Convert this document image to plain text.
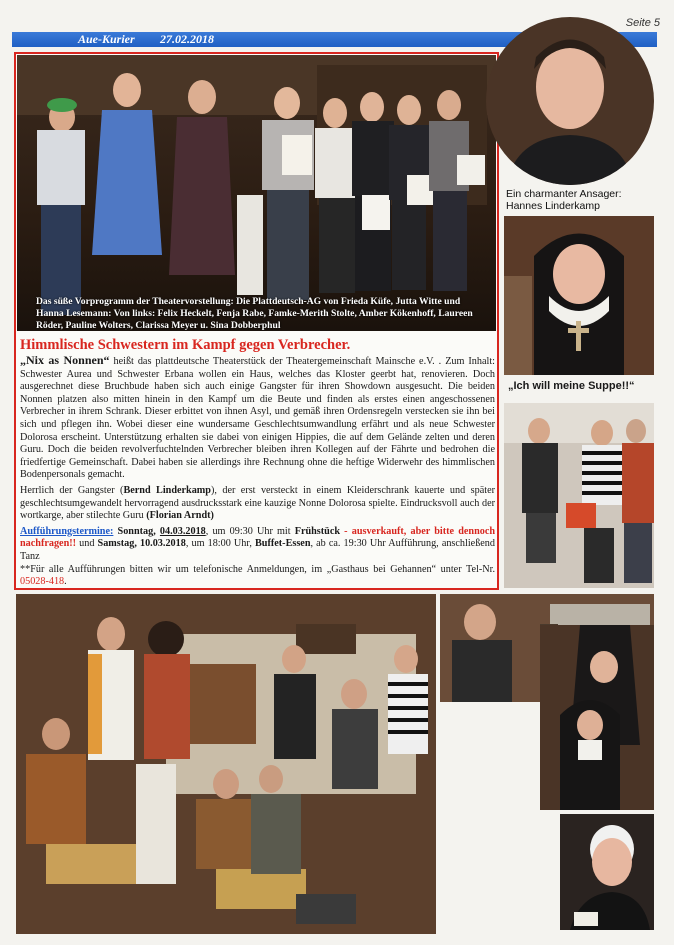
Seite 5
Aue-Kurier 27.02.2018
Das süße Vorprogramm der Theatervorstellung: Die Plattdeutsch-AG von Frieda Küfe, Jutta Witte und Hanna Lesemann: Von links: Felix Heckelt, Fenja Rabe, Famke-Merith Stolte, Amber Kökenhoff, Laureen Röder, Pauline Wolters, Clarissa Meyer u. Sina Dobberphul
Ein charmanter Ansager:
Hannes Linderkamp
„Ich will meine Suppe!!“
Himmlische Schwestern im Kampf gegen Verbrecher.

„Nix as Nonnen“ heißt das plattdeutsche Theaterstück der Theatergemeinschaft Mainsche e.V. . Zum Inhalt: Schwester Aurea und Schwester Erbana wollen ein Haus, welches das Kloster geerbt hat, renovieren. Doch ausgerechnet diese Bruchbude haben sich auch einige Gangster für ihren Showdown ausgesucht. Die beiden Nonnen platzen also mitten hinein in den Kampf um die Beute und finden als erstes einen angeschossenen Verbrecher in ihrem Schrank. Dieser erbittet von ihnen Asyl, und gemäß ihren Ordensregeln verstecken sie ihn bei sich und pflegen ihn. Wobei dieser eine wundersame Geschlechtsumwandlung erfährt und als neue Schwester Dolorosa erscheint. Unterstützung erhalten sie dabei von einigen Hippies, die auf dem Gelände zelten und deren Guru. Doch die beiden revolverfuchtelnden Verbrecher bleiben ihren Kollegen auf der Fährte und bedrohen die friedfertige Gemeinschaft. Dabei haben sie allerdings ihre Rechnung ohne die heftige Widerwehr des himmlischen Bodenpersonals gemacht.

Herrlich der Gangster (Bernd Linderkamp), der erst versteckt in einem Kleiderschrank kauerte und später geschlechtsumgewandelt hervorragend ausdrucksstark eine kauzige Nonne Dolorosa spielte. Eindrucksvoll auch der wortkarge, aber stilechte Guru (Florian Arndt)

Aufführungstermine: Sonntag, 04.03.2018, um 09:30 Uhr mit Frühstück - ausverkauft, aber bitte dennoch nachfragen!! und Samstag, 10.03.2018, um 18:00 Uhr, Buffet-Essen, ab ca. 19:30 Uhr Aufführung, anschließend Tanz

**Für alle Aufführungen bitten wir um telefonische Anmeldungen, im „Gasthaus bei Gehannen“ unter Tel-Nr. 05028-418.
